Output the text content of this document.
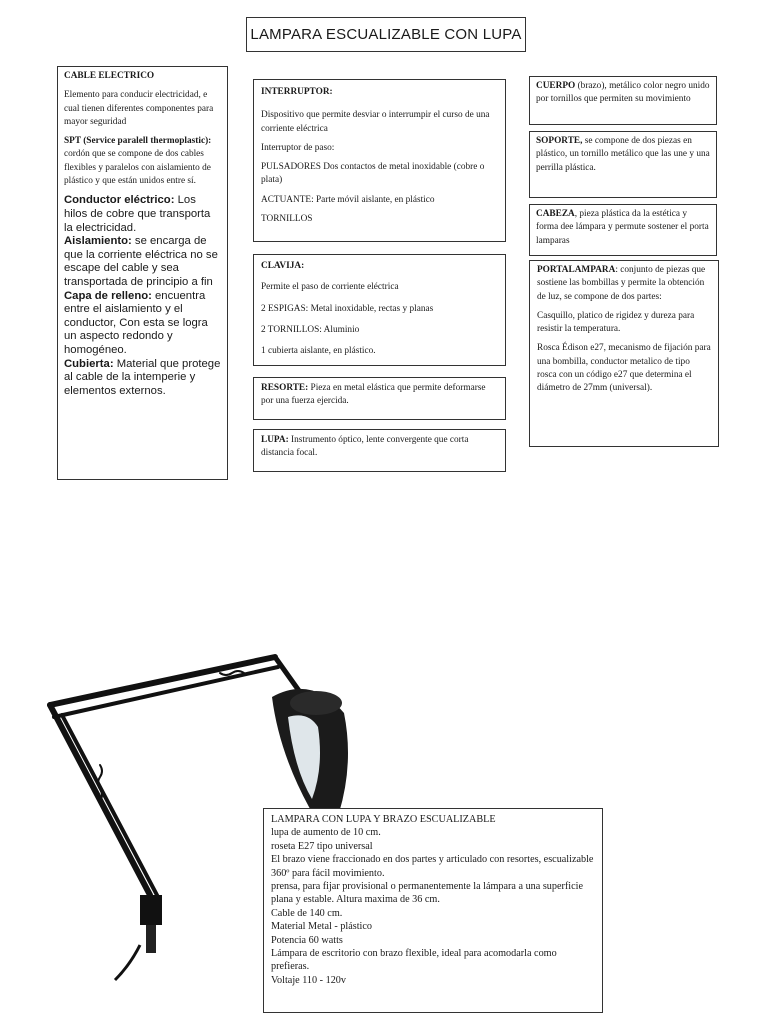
LAMPARA ESCUALIZABLE CON LUPA

CABLE ELECTRICO

Elemento para conducir electricidad, e cual tienen diferentes componentes para mayor seguridad

SPT (Service paralell thermoplastic): cordón que se compone de dos cables flexibles y paralelos con aislamiento de plástico y que están unidos entre sí.

Conductor eléctrico: Los hilos de cobre que transporta la electricidad.
Aislamiento: se encarga de que la corriente eléctrica no se escape del cable y sea transportada de principio a fin
Capa de relleno: encuentra entre el aislamiento y el conductor, Con esta se logra un aspecto redondo y homogéneo.
Cubierta: Material que protege al cable de la intemperie y elementos externos.

INTERRUPTOR:

Dispositivo que permite desviar o interrumpir el curso de una corriente eléctrica

Interruptor de paso:

PULSADORES Dos contactos de metal inoxidable (cobre o plata)

ACTUANTE: Parte móvil aislante, en plástico

TORNILLOS

CLAVIJA:

Permite el paso de corriente eléctrica

2 ESPIGAS: Metal inoxidable, rectas y planas

2 TORNILLOS: Aluminio

1 cubierta aislante, en plástico.

RESORTE: Pieza en metal elástica que permite deformarse por una fuerza ejercida.
LUPA: Instrumento óptico, lente convergente que corta distancia focal.
CUERPO (brazo), metálico color negro unido por tornillos que permiten su movimiento
SOPORTE, se compone de dos piezas en plástico, un tornillo metálico que las une y una perrilla plástica.
CABEZA, pieza plástica da la estética y forma dee lámpara y permute sostener el porta lamparas

PORTALAMPARA: conjunto de piezas que sostiene las bombillas y permite la obtención de luz, se compone de dos partes:

Casquillo, platico de rigidez y dureza para resistir la temperatura.

Rosca Édison e27, mecanismo de fijación para una bombilla, conductor metalico de tipo rosca con un código e27 que determina el diámetro de 27mm (universal).

LAMPARA CON LUPA Y BRAZO ESCUALIZABLE
lupa de aumento de 10 cm.
roseta E27 tipo universal
El brazo viene fraccionado en dos partes y articulado con resortes, escualizable 360º para fácil movimiento.
prensa, para fijar provisional o permanentemente la lámpara a una superficie plana y estable. Altura maxima de 36 cm.
Cable de 140 cm.
Material Metal - plástico
Potencia 60 watts
Lámpara de escritorio con brazo flexible, ideal para acomodarla como prefieras.
Voltaje 110 - 120v
